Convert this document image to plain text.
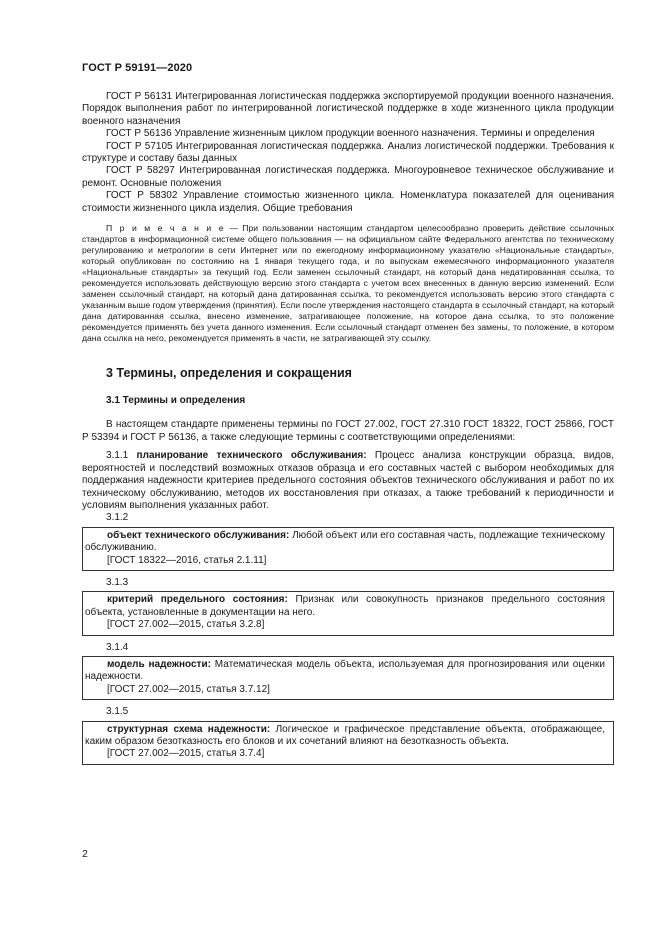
ГОСТ Р 59191—2020

ГОСТ Р 56131 Интегрированная логистическая поддержка экспортируемой продукции военного назначения. Порядок выполнения работ по интегрированной логистической поддержке в ходе жизненного цикла продукции военного назначения

ГОСТ Р 56136 Управление жизненным циклом продукции военного назначения. Термины и определения

ГОСТ Р 57105 Интегрированная логистическая поддержка. Анализ логистической поддержки. Требования к структуре и составу базы данных

ГОСТ Р 58297 Интегрированная логистическая поддержка. Многоуровневое техническое обслуживание и ремонт. Основные положения

ГОСТ Р 58302 Управление стоимостью жизненного цикла. Номенклатура показателей для оценивания стоимости жизненного цикла изделия. Общие требования

П р и м е ч а н и е — При пользовании настоящим стандартом целесообразно проверить действие ссылочных стандартов в информационной системе общего пользования — на официальном сайте Федерального агентства по техническому регулированию и метрологии в сети Интернет или по ежегодному информационному указателю «Национальные стандарты», который опубликован по состоянию на 1 января текущего года, и по выпускам ежемесячного информационного указателя «Национальные стандарты» за текущий год. Если заменен ссылочный стандарт, на который дана недатированная ссылка, то рекомендуется использовать действующую версию этого стандарта с учетом всех внесенных в данную версию изменений. Если заменен ссылочный стандарт, на который дана датированная ссылка, то рекомендуется использовать версию этого стандарта с указанным выше годом утверждения (принятия). Если после утверждения настоящего стандарта в ссылочный стандарт, на который дана датированная ссылка, внесено изменение, затрагивающее положение, на которое дана ссылка, то это положение рекомендуется применять без учета данного изменения. Если ссылочный стандарт отменен без замены, то положение, в котором дана ссылка на него, рекомендуется применять в части, не затрагивающей эту ссылку.

3 Термины, определения и сокращения
3.1 Термины и определения

В настоящем стандарте применены термины по ГОСТ 27.002, ГОСТ 27.310 ГОСТ 18322, ГОСТ 25866, ГОСТ Р 53394 и ГОСТ Р 56136, а также следующие термины с соответствующими определениями:

3.1.1 планирование технического обслуживания: Процесс анализа конструкции образца, видов, вероятностей и последствий возможных отказов образца и его составных частей с выбором необходимых для поддержания надежности критериев предельного состояния объектов технического обслуживания и работ по их техническому обслуживанию, методов их восстановления при отказах, а также требований к периодичности и условиям выполнения указанных работ.

3.1.2

объект технического обслуживания: Любой объект или его составная часть, подлежащие техническому обслуживанию.

[ГОСТ 18322—2016, статья 2.1.11]

3.1.3

критерий предельного состояния: Признак или совокупность признаков предельного состояния объекта, установленные в документации на него.

[ГОСТ 27.002—2015, статья 3.2.8]

3.1.4

модель надежности: Математическая модель объекта, используемая для прогнозирования или оценки надежности.

[ГОСТ 27.002—2015, статья 3.7.12]

3.1.5

структурная схема надежности: Логическое и графическое представление объекта, отображающее, каким образом безотказность его блоков и их сочетаний влияют на безотказность объекта.

[ГОСТ 27.002—2015, статья 3.7.4]

2
